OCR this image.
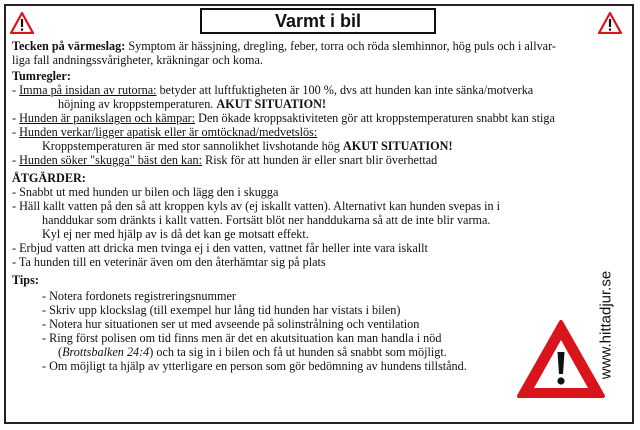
Varmt i bil
Tecken på värmeslag: Symptom är hässjning, dregling, feber, torra och röda slemhinnor, hög puls och i allvar-
liga fall andningssvårigheter, kräkningar och koma.
Tumregler:
- Imma på insidan av rutorna: betyder att luftfuktigheten är 100 %, dvs att hunden kan inte sänka/motverka
höjning av kroppstemperaturen. AKUT SITUATION!
- Hunden är panikslagen och kämpar: Den ökade kroppsaktiviteten gör att kroppstemperaturen snabbt kan stiga
- Hunden verkar/ligger apatisk eller är omtöcknad/medvetslös:
Kroppstemperaturen är med stor sannolikhet livshotande hög AKUT SITUATION!
- Hunden söker "skugga" bäst den kan: Risk för att hunden är eller snart blir överhettad
ÅTGÄRDER:
- Snabbt ut med hunden ur bilen och lägg den i skugga
- Häll kallt vatten på den så att kroppen kyls av (ej iskallt vatten). Alternativt kan hunden svepas in i
handdukar som dränkts i kallt vatten. Fortsätt blöt ner handdukarna så att de inte blir varma.
Kyl ej ner med hjälp av is då det kan ge motsatt effekt.
- Erbjud vatten att dricka men tvinga ej i den vatten, vattnet får heller inte vara iskallt
- Ta hunden till en veterinär även om den återhämtar sig på plats
Tips:
- Notera fordonets registreringsnummer
- Skriv upp klockslag (till exempel hur lång tid hunden har vistats i bilen)
- Notera hur situationen ser ut med avseende på solinstrålning och ventilation
- Ring först polisen om tid finns men är det en akutsituation kan man handla i nöd
(Brottsbalken 24:4) och ta sig in i bilen och få ut hunden så snabbt som möjligt.
- Om möjligt ta hjälp av ytterligare en person som gör bedömning av hundens tillstånd.	www.hittadjur.se
